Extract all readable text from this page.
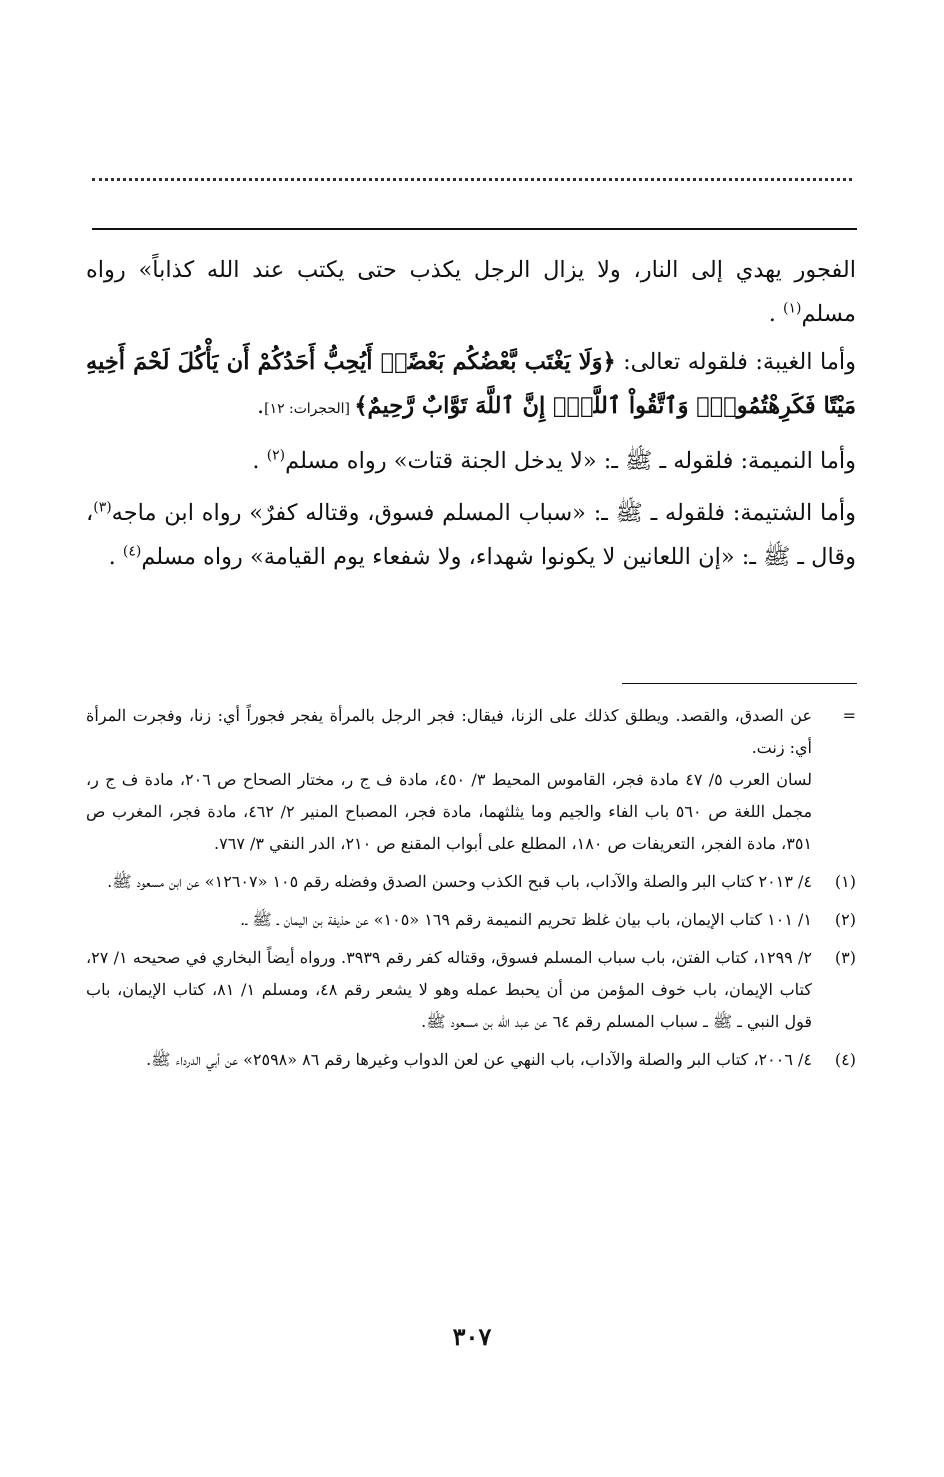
الفجور يهدي إلى النار، ولا يزال الرجل يكذب حتى يكتب عند الله كذاباً» رواه مسلم$^{(١)}$ .

وأما الغيبة: فلقوله تعالى: ﴿وَلَا يَغْتَب بَّعْضُكُم بَعْضًاۚ أَيُحِبُّ أَحَدُكُمْ أَن يَأْكُلَ لَحْمَ أَخِيهِ مَيْتًا فَكَرِهْتُمُوهُۚ وَٱتَّقُواْ ٱللَّهَۚ إِنَّ ٱللَّهَ تَوَّابٌ رَّحِيمٌ﴾ [الحجرات: ١٢].

وأما النميمة: فلقوله ـ ﷺ ـ: «لا يدخل الجنة قتات» رواه مسلم$^{(٢)}$ .

وأما الشتيمة: فلقوله ـ ﷺ ـ: «سباب المسلم فسوق، وقتاله كفرٌ» رواه ابن ماجه$^{(٣)}$، وقال ـ ﷺ ـ: «إن اللعانين لا يكونوا شهداء، ولا شفعاء يوم القيامة» رواه مسلم$^{(٤)}$ .

=
عن الصدق، والقصد. ويطلق كذلك على الزنا، فيقال: فجر الرجل بالمرأة يفجر فجوراً أي: زنا، وفجرت المرأة أي: زنت.
لسان العرب ٥/ ٤٧ مادة فجر، القاموس المحيط ٣/ ٤٥٠، مادة ف ج ر، مختار الصحاح ص ٢٠٦، مادة ف ج ر، مجمل اللغة ص ٥٦٠ باب الفاء والجيم وما يثلثهما، مادة فجر، المصباح المنير ٢/ ٤٦٢، مادة فجر، المغرب ص ٣٥١، مادة الفجر، التعريفات ص ١٨٠، المطلع على أبواب المقنع ص ٢١٠، الدر النقي ٣/ ٧٦٧.
(١)
٤/ ٢٠١٣ كتاب البر والصلة والآداب، باب قبح الكذب وحسن الصدق وفضله رقم ١٠٥ «١٢٦٠٧» عن ابن مسعود ﷺ.
(٢)
١/ ١٠١ كتاب الإيمان، باب بيان غلظ تحريم النميمة رقم ١٦٩ «١٠٥» عن حذيفة بن اليمان ـ ﷺ ـ.
(٣)
٢/ ١٢٩٩، كتاب الفتن، باب سباب المسلم فسوق، وقتاله كفر رقم ٣٩٣٩. ورواه أيضاً البخاري في صحيحه ١/ ٢٧، كتاب الإيمان، باب خوف المؤمن من أن يحبط عمله وهو لا يشعر رقم ٤٨، ومسلم ١/ ٨١، كتاب الإيمان، باب قول النبي ـ ﷺ ـ سباب المسلم رقم ٦٤ عن عبد الله بن مسعود ﷺ.
(٤)
٤/ ٢٠٠٦، كتاب البر والصلة والآداب، باب النهي عن لعن الدواب وغيرها رقم ٨٦ «٢٥٩٨» عن أبي الدرداء ﷺ.
٣٠٧
